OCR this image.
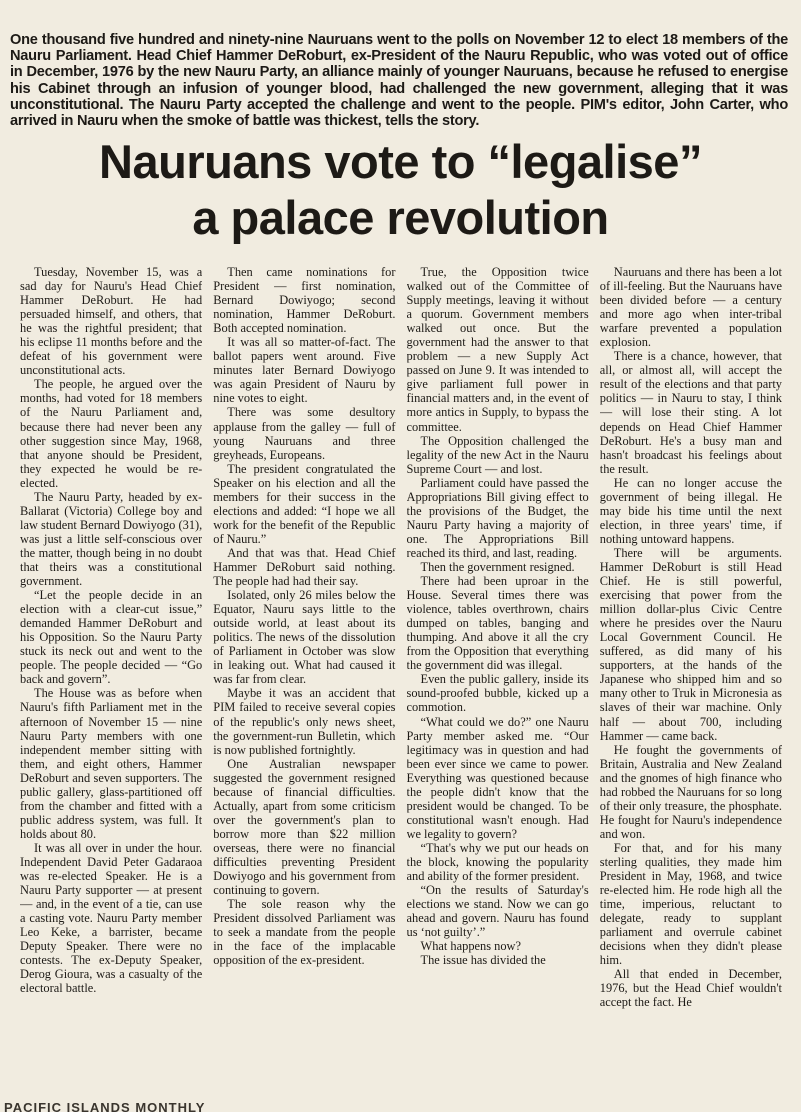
One thousand five hundred and ninety-nine Nauruans went to the polls on November 12 to elect 18 members of the Nauru Parliament. Head Chief Hammer DeRoburt, ex-President of the Nauru Republic, who was voted out of office in December, 1976 by the new Nauru Party, an alliance mainly of younger Nauruans, because he refused to energise his Cabinet through an infusion of younger blood, had challenged the new government, alleging that it was unconstitutional. The Nauru Party accepted the challenge and went to the people. PIM's editor, John Carter, who arrived in Nauru when the smoke of battle was thickest, tells the story.

Nauruans vote to “legalise”
a palace revolution

Tuesday, November 15, was a sad day for Nauru's Head Chief Hammer DeRoburt. He had persuaded himself, and others, that he was the rightful president; that his eclipse 11 months before and the defeat of his government were unconstitutional acts.

The people, he argued over the months, had voted for 18 members of the Nauru Parliament and, because there had never been any other suggestion since May, 1968, that anyone should be President, they expected he would be re-elected.

The Nauru Party, headed by ex-Ballarat (Victoria) College boy and law student Bernard Dowiyogo (31), was just a little self-conscious over the matter, though being in no doubt that theirs was a constitutional government.

“Let the people decide in an election with a clear-cut issue,” demanded Hammer DeRoburt and his Opposition. So the Nauru Party stuck its neck out and went to the people. The people decided — “Go back and govern”.

The House was as before when Nauru's fifth Parliament met in the afternoon of November 15 — nine Nauru Party members with one independent member sitting with them, and eight others, Hammer DeRoburt and seven supporters. The public gallery, glass-partitioned off from the chamber and fitted with a public address system, was full. It holds about 80.

It was all over in under the hour. Independent David Peter Gadaraoa was re-elected Speaker. He is a Nauru Party supporter — at present — and, in the event of a tie, can use a casting vote. Nauru Party member Leo Keke, a barrister, became Deputy Speaker. There were no contests. The ex-Deputy Speaker, Derog Gioura, was a casualty of the electoral battle.

Then came nominations for President — first nomination, Bernard Dowiyogo; second nomination, Hammer DeRoburt. Both accepted nomination.

It was all so matter-of-fact. The ballot papers went around. Five minutes later Bernard Dowiyogo was again President of Nauru by nine votes to eight.

There was some desultory applause from the galley — full of young Nauruans and three greyheads, Europeans.

The president congratulated the Speaker on his election and all the members for their success in the elections and added: “I hope we all work for the benefit of the Republic of Nauru.”

And that was that. Head Chief Hammer DeRoburt said nothing. The people had had their say.

Isolated, only 26 miles below the Equator, Nauru says little to the outside world, at least about its politics. The news of the dissolution of Parliament in October was slow in leaking out. What had caused it was far from clear.

Maybe it was an accident that PIM failed to receive several copies of the republic's only news sheet, the government-run Bulletin, which is now published fortnightly.

One Australian newspaper suggested the government resigned because of financial difficulties. Actually, apart from some criticism over the government's plan to borrow more than $22 million overseas, there were no financial difficulties preventing President Dowiyogo and his government from continuing to govern.

The sole reason why the President dissolved Parliament was to seek a mandate from the people in the face of the implacable opposition of the ex-president.

True, the Opposition twice walked out of the Committee of Supply meetings, leaving it without a quorum. Government members walked out once. But the government had the answer to that problem — a new Supply Act passed on June 9. It was intended to give parliament full power in financial matters and, in the event of more antics in Supply, to bypass the committee.

The Opposition challenged the legality of the new Act in the Nauru Supreme Court — and lost.

Parliament could have passed the Appropriations Bill giving effect to the provisions of the Budget, the Nauru Party having a majority of one. The Appropriations Bill reached its third, and last, reading.

Then the government resigned.

There had been uproar in the House. Several times there was violence, tables overthrown, chairs dumped on tables, banging and thumping. And above it all the cry from the Opposition that everything the government did was illegal.

Even the public gallery, inside its sound-proofed bubble, kicked up a commotion.

“What could we do?” one Nauru Party member asked me. “Our legitimacy was in question and had been ever since we came to power. Everything was questioned because the people didn't know that the president would be changed. To be constitutional wasn't enough. Had we legality to govern?

“That's why we put our heads on the block, knowing the popularity and ability of the former president.

“On the results of Saturday's elections we stand. Now we can go ahead and govern. Nauru has found us ‘not guilty’.”

What happens now?

The issue has divided the

Nauruans and there has been a lot of ill-feeling. But the Nauruans have been divided before — a century and more ago when inter-tribal warfare prevented a population explosion.

There is a chance, however, that all, or almost all, will accept the result of the elections and that party politics — in Nauru to stay, I think — will lose their sting. A lot depends on Head Chief Hammer DeRoburt. He's a busy man and hasn't broadcast his feelings about the result.

He can no longer accuse the government of being illegal. He may bide his time until the next election, in three years' time, if nothing untoward happens.

There will be arguments. Hammer DeRoburt is still Head Chief. He is still powerful, exercising that power from the million dollar-plus Civic Centre where he presides over the Nauru Local Government Council. He suffered, as did many of his supporters, at the hands of the Japanese who shipped him and so many other to Truk in Micronesia as slaves of their war machine. Only half — about 700, including Hammer — came back.

He fought the governments of Britain, Australia and New Zealand and the gnomes of high finance who had robbed the Nauruans for so long of their only treasure, the phosphate. He fought for Nauru's independence and won.

For that, and for his many sterling qualities, they made him President in May, 1968, and twice re-elected him. He rode high all the time, imperious, reluctant to delegate, ready to supplant parliament and overrule cabinet decisions when they didn't please him.

All that ended in December, 1976, but the Head Chief wouldn't accept the fact. He

PACIFIC ISLANDS MONTHLY
